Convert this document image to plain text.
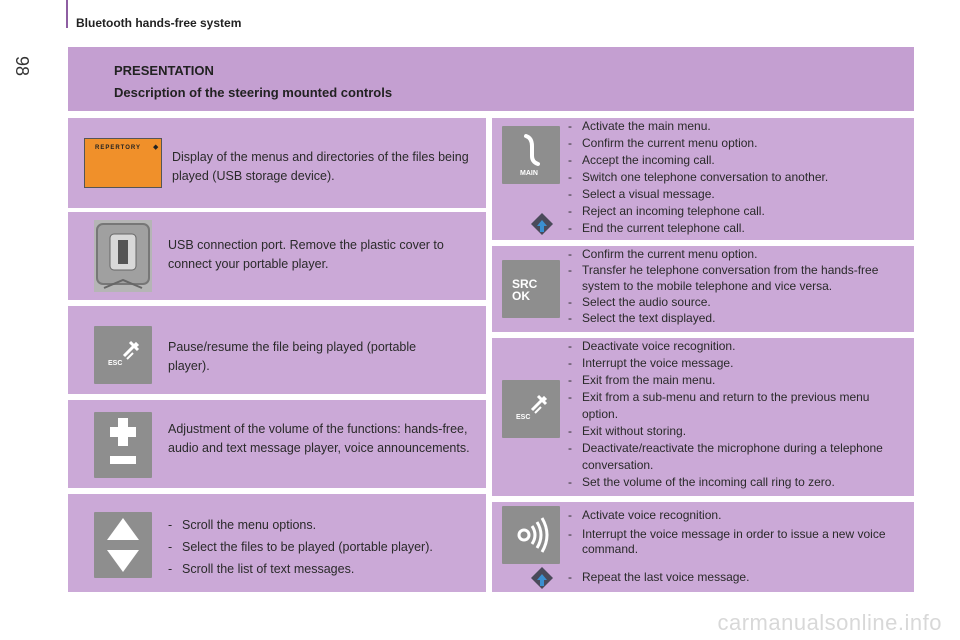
98
Bluetooth hands-free system
PRESENTATION
Description of the steering mounted controls
REPERTORY ◆
Display of the menus and directories of the files being played (USB storage device).
USB connection port. Remove the plastic cover to connect your portable player.
ESC
Pause/resume the file being played (portable player).
Adjustment of the volume of the functions: hands-free, audio and text message player, voice announcements.
- Scroll the menu options.
- Select the files to be played (portable player).
- Scroll the list of text messages.
MAIN
- Activate the main menu.
- Confirm the current menu option.
- Accept the incoming call.
- Switch one telephone conversation to another.
- Select a visual message.
- Reject an incoming telephone call.
- End the current telephone call.
SRC OK
- Confirm the current menu option.
- Transfer he telephone conversation from the hands-free system to the mobile telephone and vice versa.
- Select the audio source.
- Select the text displayed.
ESC
- Deactivate voice recognition.
- Interrupt the voice message.
- Exit from the main menu.
- Exit from a sub-menu and return to the previous menu option.
- Exit without storing.
- Deactivate/reactivate the microphone during a telephone conversation.
- Set the volume of the incoming call ring to zero.
- Activate voice recognition.
- Interrupt the voice message in order to issue a new voice command.
- Repeat the last voice message.
carmanualsonline.info
